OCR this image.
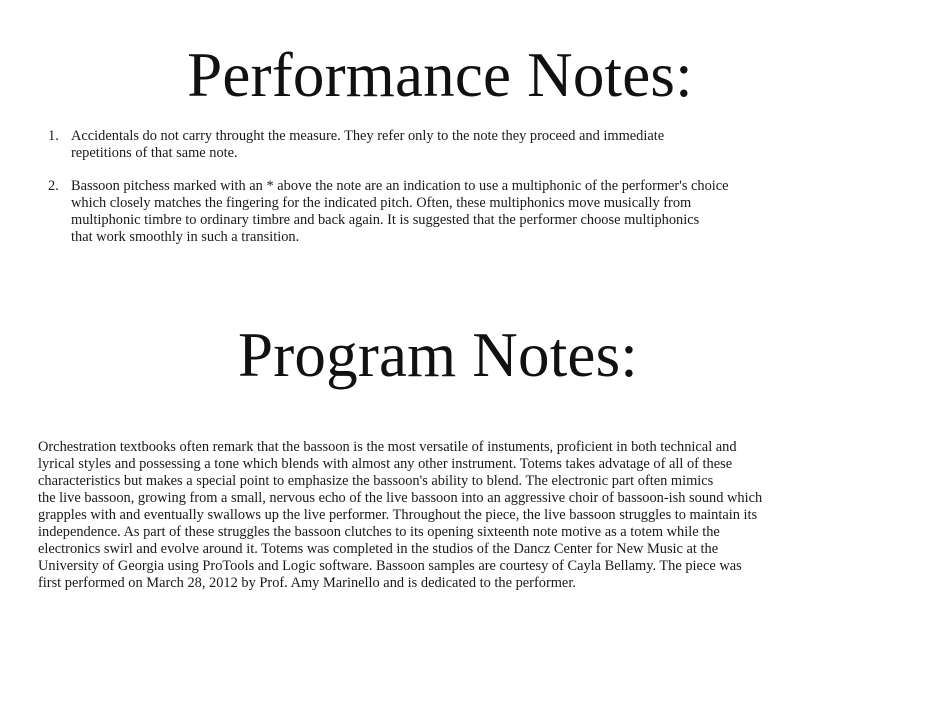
Performance Notes:
1. Accidentals do not carry throught the measure. They refer only to the note they proceed and immediate
repetitions of that same note.
2. Bassoon pitchess marked with an * above the note are an indication to use a multiphonic of the performer's choice
which closely matches the fingering for the indicated pitch. Often, these multiphonics move musically from
multiphonic timbre to ordinary timbre and back again. It is suggested that the performer choose multiphonics
that work smoothly in such a transition.
Program Notes:

Orchestration textbooks often remark that the bassoon is the most versatile of instuments, proficient in both technical and
lyrical styles and possessing a tone which blends with almost any other instrument. Totems takes advatage of all of these
characteristics but makes a special point to emphasize the bassoon's ability to blend. The electronic part often mimics
the live bassoon, growing from a small, nervous echo of the live bassoon into an aggressive choir of bassoon-ish sound which
grapples with and eventually swallows up the live performer. Throughout the piece, the live bassoon struggles to maintain its
independence. As part of these struggles the bassoon clutches to its opening sixteenth note motive as a totem while the
electronics swirl and evolve around it. Totems was completed in the studios of the Dancz Center for New Music at the
University of Georgia using ProTools and Logic software. Bassoon samples are courtesy of Cayla Bellamy. The piece was
first performed on March 28, 2012 by Prof. Amy Marinello and is dedicated to the performer.
